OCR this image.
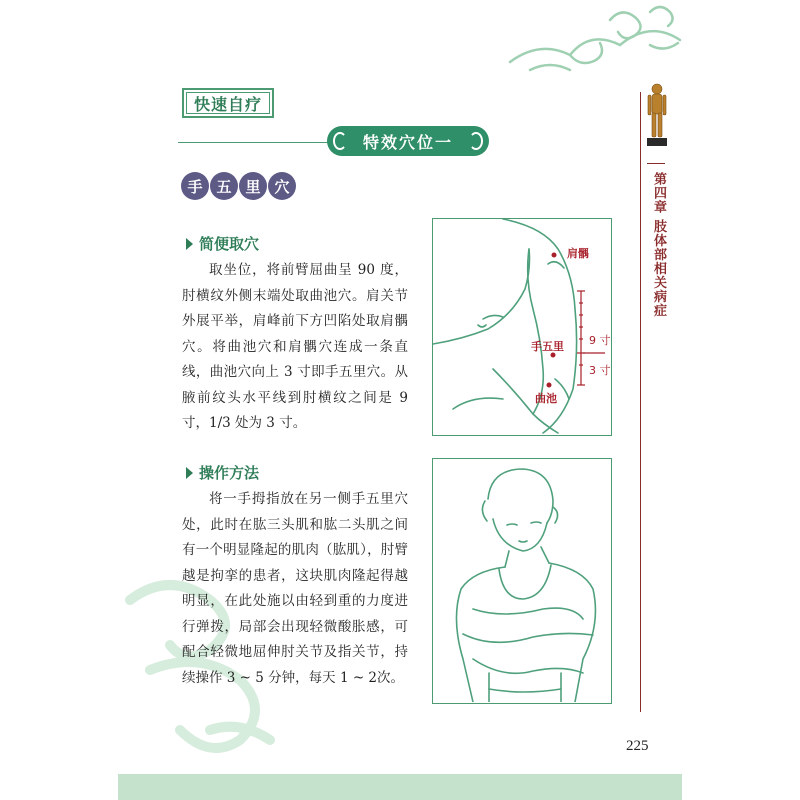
快速自疗
特效穴位一
手 五 里 穴
简便取穴

取坐位，将前臂屈曲呈 90 度，肘横纹外侧末端处取曲池穴。肩关节外展平举，肩峰前下方凹陷处取肩髃穴。将曲池穴和肩髃穴连成一条直线，曲池穴向上 3 寸即手五里穴。从腋前纹头水平线到肘横纹之间是 9 寸，1/3 处为 3 寸。

操作方法

将一手拇指放在另一侧手五里穴处，此时在肱三头肌和肱二头肌之间有一个明显隆起的肌肉（肱肌），肘臂越是拘挛的患者，这块肌肉隆起得越明显，在此处施以由轻到重的力度进行弹拨，局部会出现轻微酸胀感，可配合轻微地屈伸肘关节及指关节，持续操作 3 ~ 5 分钟，每天 1 ~ 2次。

肩髃
手五里
曲池
9 寸
3 寸
第四章 肢体部相关病症
225
